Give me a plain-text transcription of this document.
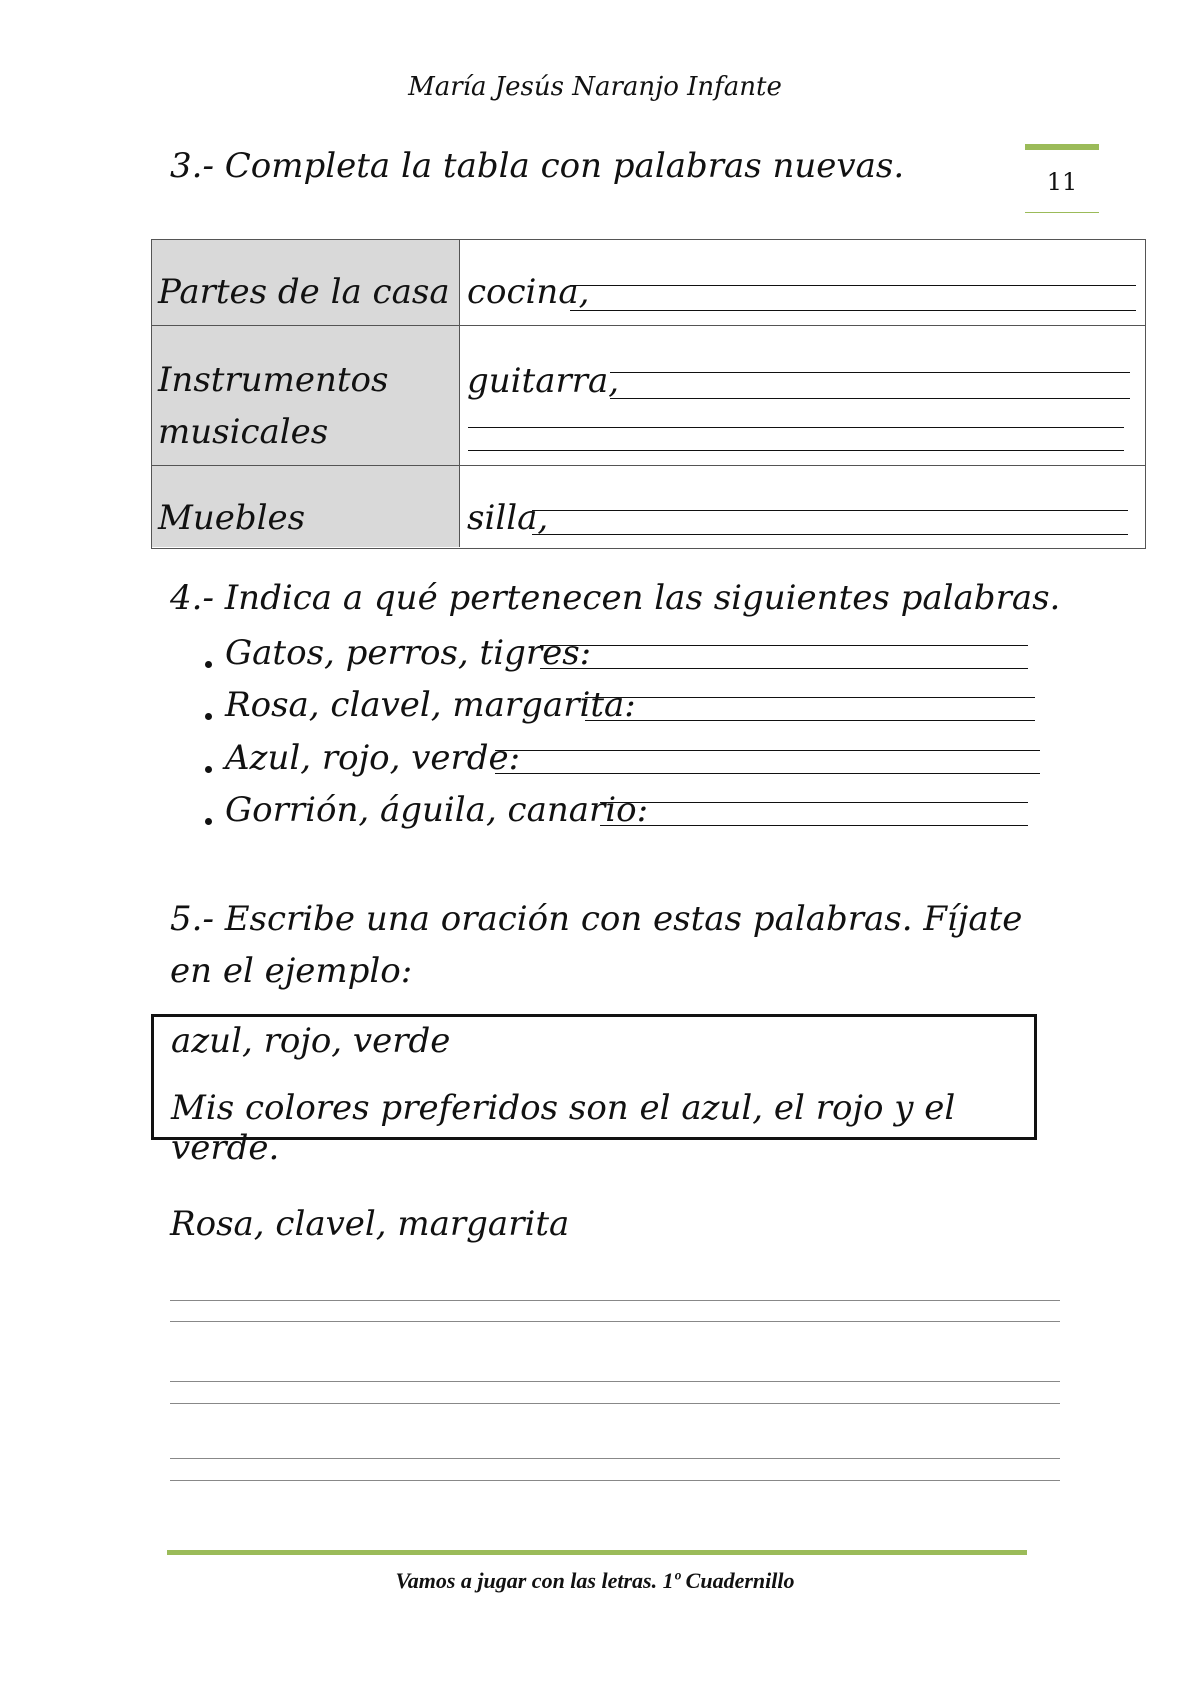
María Jesús Naranjo Infante
11
3.- Completa la tabla con palabras nuevas.
Partes de la casa cocina,
Instrumentos
musicales
guitarra,
Muebles	silla,
4.- Indica a qué pertenecen las siguientes palabras.
Gatos, perros, tigres:
Rosa, clavel, margarita:
Azul, rojo, verde:
Gorrión, águila, canario:
5.- Escribe una oración con estas palabras. Fíjate en el ejemplo:
azul, rojo, verde
Mis colores preferidos son el azul, el rojo y el verde.
Rosa, clavel, margarita
Vamos a jugar con las letras. 1º Cuadernillo
